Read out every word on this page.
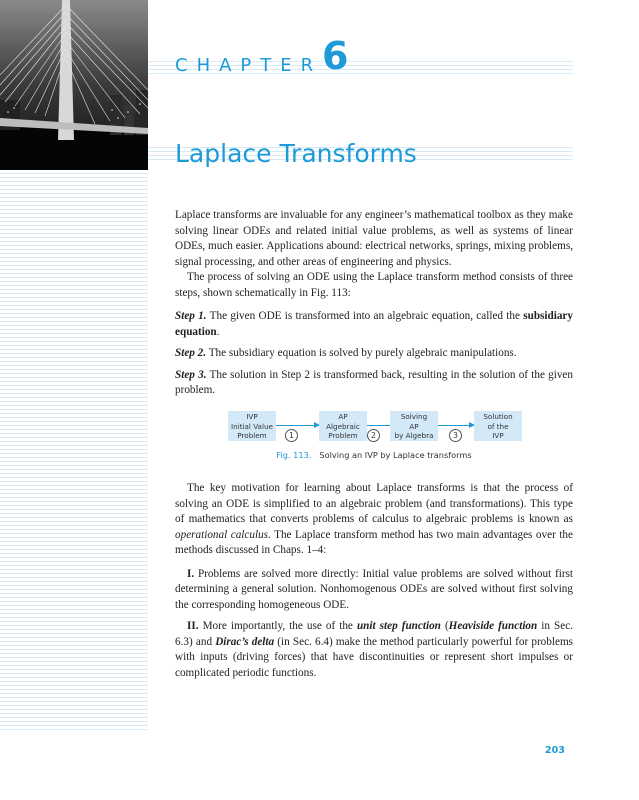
CHAPTER 6
Laplace Transforms

Laplace transforms are invaluable for any engineer’s mathematical toolbox as they make solving linear ODEs and related initial value problems, as well as systems of linear ODEs, much easier. Applications abound: electrical networks, springs, mixing problems, signal processing, and other areas of engineering and physics.

The process of solving an ODE using the Laplace transform method consists of three steps, shown schematically in Fig. 113:

Step 1. The given ODE is transformed into an algebraic equation, called the subsidiary equation.

Step 2. The subsidiary equation is solved by purely algebraic manipulations.

Step 3. The solution in Step 2 is transformed back, resulting in the solution of the given problem.

IVP
Initial Value
Problem	1
AP
Algebraic
Problem	2
Solving
AP
by Algebra	3
Solution
of the
IVP
Fig. 113. Solving an IVP by Laplace transforms

The key motivation for learning about Laplace transforms is that the process of solving an ODE is simplified to an algebraic problem (and transformations). This type of mathematics that converts problems of calculus to algebraic problems is known as operational calculus. The Laplace transform method has two main advantages over the methods discussed in Chaps. 1–4:

I. Problems are solved more directly: Initial value problems are solved without first determining a general solution. Nonhomogenous ODEs are solved without first solving the corresponding homogeneous ODE.

II. More importantly, the use of the unit step function (Heaviside function in Sec. 6.3) and Dirac’s delta (in Sec. 6.4) make the method particularly powerful for problems with inputs (driving forces) that have discontinuities or represent short impulses or complicated periodic functions.

203
